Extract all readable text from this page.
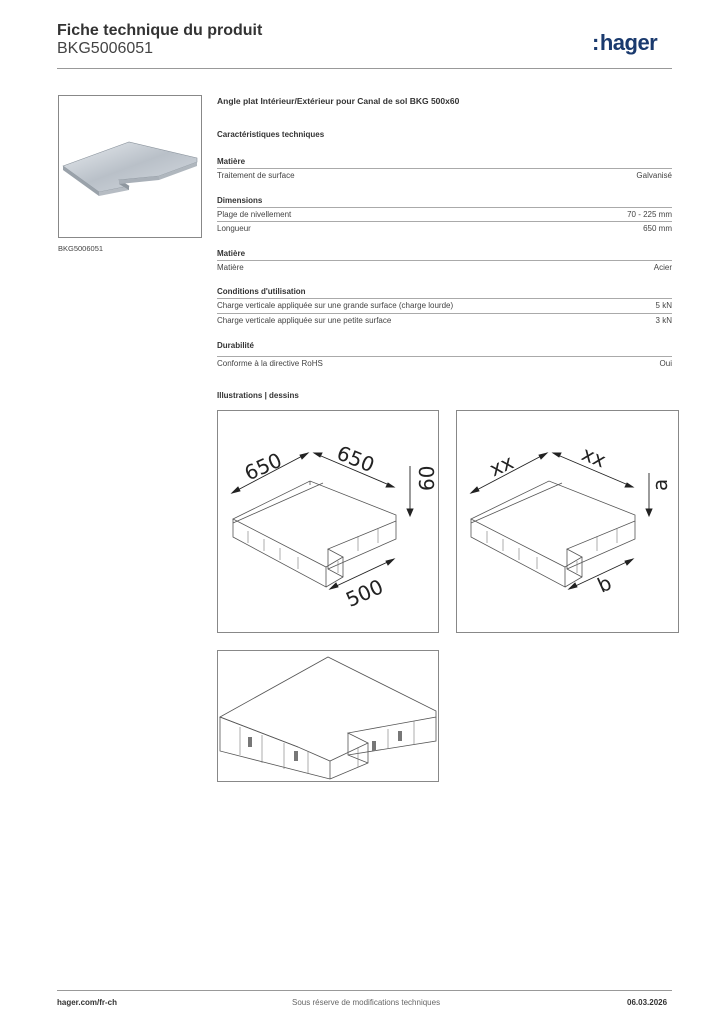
Fiche technique du produit
BKG5006051	:hager
BKG5006051
Angle plat Intérieur/Extérieur pour Canal de sol BKG 500x60
Caractéristiques techniques
Matière
Traitement de surface	Galvanisé
Dimensions
Plage de nivellement	70 - 225 mm
Longueur	650 mm
Matière
Matière	Acier
Conditions d'utilisation
Charge verticale appliquée sur une grande surface (charge lourde)	5 kN
Charge verticale appliquée sur une petite surface	3 kN
Durabilité
Conforme à la directive RoHS	Oui
Illustrations | dessins
650 650
60
500
xx	xx
a
b
hager.com/fr-ch	Sous réserve de modifications techniques	06.03.2026
